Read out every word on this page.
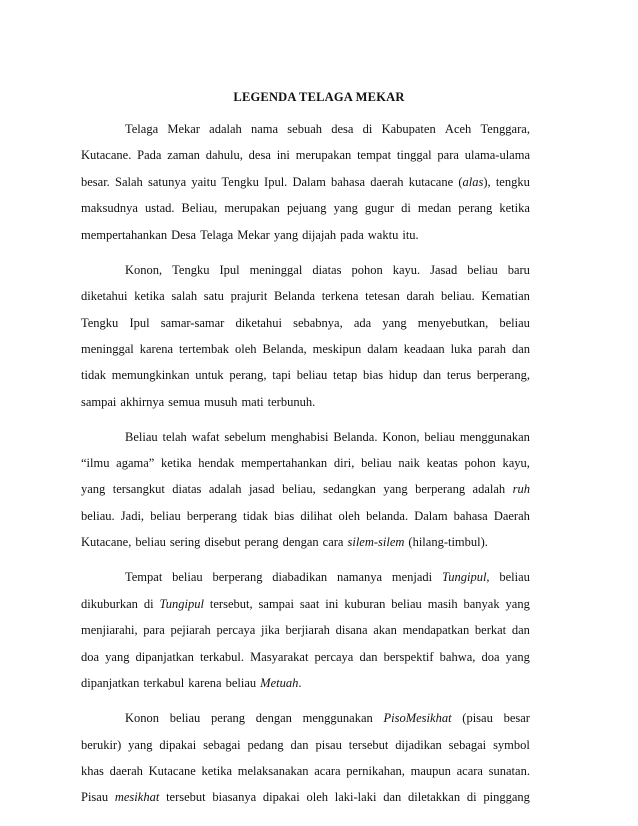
LEGENDA TELAGA MEKAR
Telaga Mekar adalah nama sebuah desa di Kabupaten Aceh Tenggara,
Kutacane. Pada zaman dahulu, desa ini merupakan tempat tinggal para ulama-ulama
besar. Salah satunya yaitu Tengku Ipul. Dalam bahasa daerah kutacane (alas), tengku
maksudnya ustad. Beliau, merupakan pejuang yang gugur di medan perang ketika
mempertahankan Desa Telaga Mekar yang dijajah pada waktu itu.
Konon, Tengku Ipul meninggal diatas pohon kayu. Jasad beliau baru
diketahui ketika salah satu prajurit Belanda terkena tetesan darah beliau. Kematian
Tengku Ipul samar-samar diketahui sebabnya, ada yang menyebutkan, beliau
meninggal karena tertembak oleh Belanda, meskipun dalam keadaan luka parah dan
tidak memungkinkan untuk perang, tapi beliau tetap bias hidup dan terus berperang,
sampai akhirnya semua musuh mati terbunuh.
Beliau telah wafat sebelum menghabisi Belanda. Konon, beliau menggunakan
“ilmu agama” ketika hendak mempertahankan diri, beliau naik keatas pohon kayu,
yang tersangkut diatas adalah jasad beliau, sedangkan yang berperang adalah ruh
beliau. Jadi, beliau berperang tidak bias dilihat oleh belanda. Dalam bahasa Daerah
Kutacane, beliau sering disebut perang dengan cara silem-silem (hilang-timbul).
Tempat beliau berperang diabadikan namanya menjadi Tungipul, beliau
dikuburkan di Tungipul tersebut, sampai saat ini kuburan beliau masih banyak yang
menjiarahi, para pejiarah percaya jika berjiarah disana akan mendapatkan berkat dan
doa yang dipanjatkan terkabul. Masyarakat percaya dan berspektif bahwa, doa yang
dipanjatkan terkabul karena beliau Metuah.
Konon beliau perang dengan menggunakan PisoMesikhat (pisau besar
berukir) yang dipakai sebagai pedang dan pisau tersebut dijadikan sebagai symbol
khas daerah Kutacane ketika melaksanakan acara pernikahan, maupun acara sunatan.
Pisau mesikhat tersebut biasanya dipakai oleh laki-laki dan diletakkan di pinggang
